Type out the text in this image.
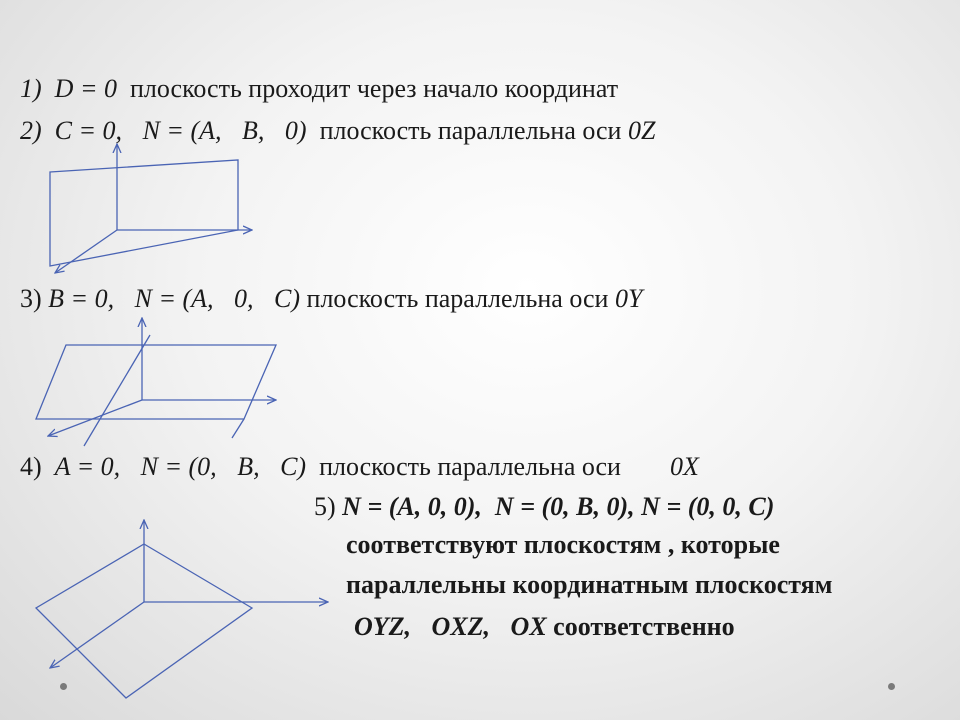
1) D = 0 плоскость проходит через начало координат
2) C = 0, N = (A, B, 0) плоскость параллельна оси 0Z
3) B = 0, N = (A, 0, C) плоскость параллельна оси 0Y
4) A = 0, N = (0, B, C) плоскость параллельна оси 0X
5) N = (A, 0, 0), N = (0, B, 0), N = (0, 0, C)
соответствуют плоскостям , которые
параллельны координатным плоскостям
OYZ, OXZ, OX соответственно
